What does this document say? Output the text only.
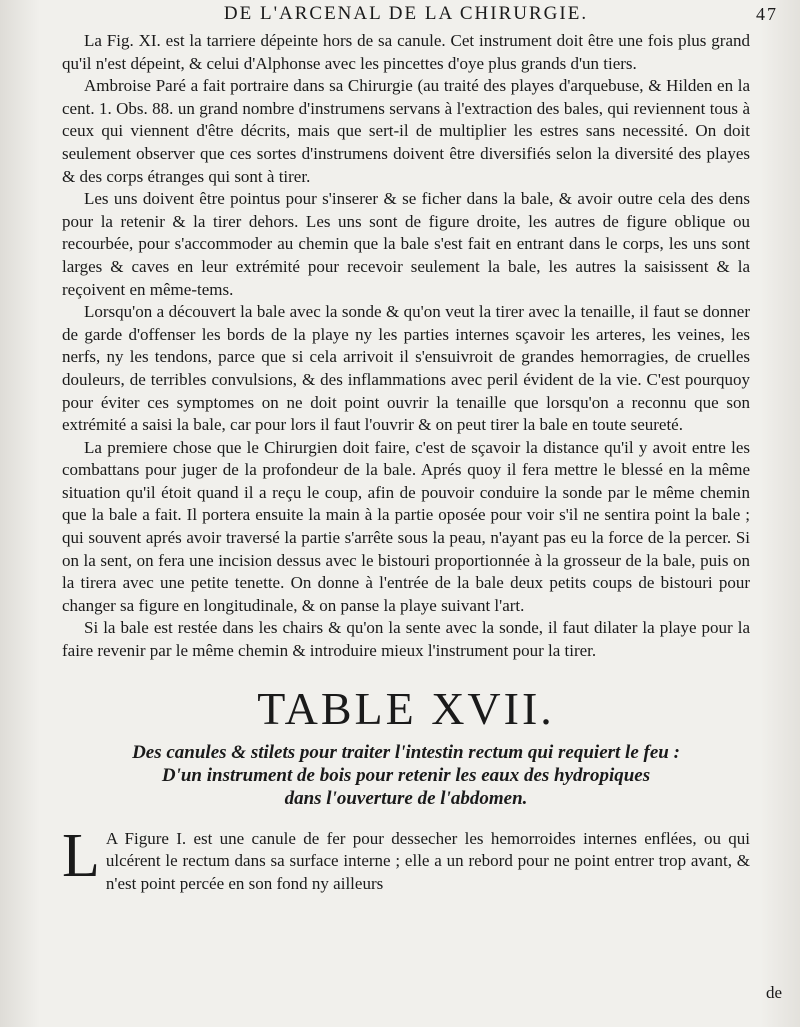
DE L'ARCENAL DE LA CHIRURGIE.	47

La Fig. XI. est la tarriere dépeinte hors de sa canule. Cet instrument doit être une fois plus grand qu'il n'est dépeint, & celui d'Alphonse avec les pincettes d'oye plus grands d'un tiers.

Ambroise Paré a fait portraire dans sa Chirurgie (au traité des playes d'arquebuse, & Hilden en la cent. 1. Obs. 88. un grand nombre d'instrumens servans à l'extraction des bales, qui reviennent tous à ceux qui viennent d'être décrits, mais que sert-il de multiplier les estres sans necessité. On doit seulement observer que ces sortes d'instrumens doivent être diversifiés selon la diversité des playes & des corps étranges qui sont à tirer.

Les uns doivent être pointus pour s'inserer & se ficher dans la bale, & avoir outre cela des dens pour la retenir & la tirer dehors. Les uns sont de figure droite, les autres de figure oblique ou recourbée, pour s'accommoder au chemin que la bale s'est fait en entrant dans le corps, les uns sont larges & caves en leur extrémité pour recevoir seulement la bale, les autres la saisissent & la reçoivent en même-tems.

Lorsqu'on a découvert la bale avec la sonde & qu'on veut la tirer avec la tenaille, il faut se donner de garde d'offenser les bords de la playe ny les parties internes sçavoir les arteres, les veines, les nerfs, ny les tendons, parce que si cela arrivoit il s'ensuivroit de grandes hemorragies, de cruelles douleurs, de terribles convulsions, & des inflammations avec peril évident de la vie. C'est pourquoy pour éviter ces symptomes on ne doit point ouvrir la tenaille que lorsqu'on a reconnu que son extrémité a saisi la bale, car pour lors il faut l'ouvrir & on peut tirer la bale en toute seureté.

La premiere chose que le Chirurgien doit faire, c'est de sçavoir la distance qu'il y avoit entre les combattans pour juger de la profondeur de la bale. Aprés quoy il fera mettre le blessé en la même situation qu'il étoit quand il a reçu le coup, afin de pouvoir conduire la sonde par le même chemin que la bale a fait. Il portera ensuite la main à la partie oposée pour voir s'il ne sentira point la bale ; qui souvent aprés avoir traversé la partie s'arrête sous la peau, n'ayant pas eu la force de la percer. Si on la sent, on fera une incision dessus avec le bistouri proportionnée à la grosseur de la bale, puis on la tirera avec une petite tenette. On donne à l'entrée de la bale deux petits coups de bistouri pour changer sa figure en longitudinale, & on panse la playe suivant l'art.

Si la bale est restée dans les chairs & qu'on la sente avec la sonde, il faut dilater la playe pour la faire revenir par le même chemin & introduire mieux l'instrument pour la tirer.

TABLE XVII.
Des canules & stilets pour traiter l'intestin rectum qui requiert le feu :
D'un instrument de bois pour retenir les eaux des hydropiques
dans l'ouverture de l'abdomen.
L A Figure I. est une canule de fer pour dessecher les hemorroides internes enflées, ou qui ulcérent le rectum dans sa surface interne ; elle a un rebord pour ne point entrer trop avant, & n'est point percée en son fond ny ailleurs
de
